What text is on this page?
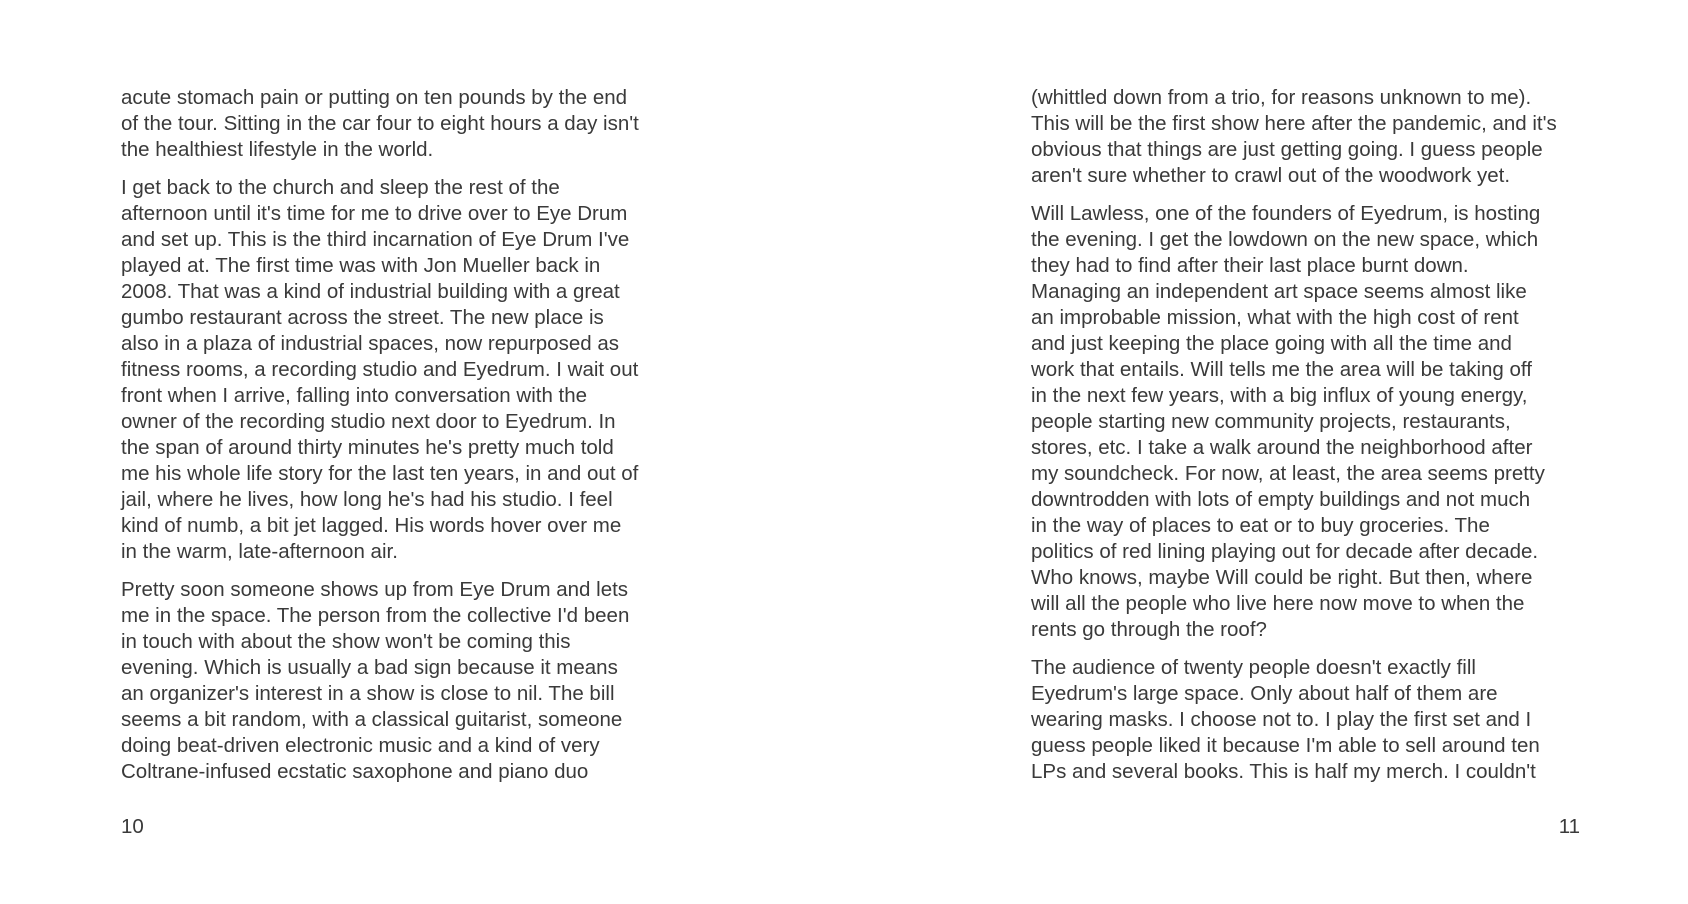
acute stomach pain or putting on ten pounds by the end
of the tour. Sitting in the car four to eight hours a day isn't
the healthiest lifestyle in the world.

I get back to the church and sleep the rest of the
afternoon until it's time for me to drive over to Eye Drum
and set up. This is the third incarnation of Eye Drum I've
played at. The first time was with Jon Mueller back in
2008. That was a kind of industrial building with a great
gumbo restaurant across the street. The new place is
also in a plaza of industrial spaces, now repurposed as
fitness rooms, a recording studio and Eyedrum. I wait out
front when I arrive, falling into conversation with the
owner of the recording studio next door to Eyedrum. In
the span of around thirty minutes he's pretty much told
me his whole life story for the last ten years, in and out of
jail, where he lives, how long he's had his studio. I feel
kind of numb, a bit jet lagged. His words hover over me
in the warm, late-afternoon air.

Pretty soon someone shows up from Eye Drum and lets
me in the space. The person from the collective I'd been
in touch with about the show won't be coming this
evening. Which is usually a bad sign because it means
an organizer's interest in a show is close to nil. The bill
seems a bit random, with a classical guitarist, someone
doing beat-driven electronic music and a kind of very
Coltrane-infused ecstatic saxophone and piano duo

10

(whittled down from a trio, for reasons unknown to me).
This will be the first show here after the pandemic, and it's
obvious that things are just getting going. I guess people
aren't sure whether to crawl out of the woodwork yet.

Will Lawless, one of the founders of Eyedrum, is hosting
the evening. I get the lowdown on the new space, which
they had to find after their last place burnt down.
Managing an independent art space seems almost like
an improbable mission, what with the high cost of rent
and just keeping the place going with all the time and
work that entails. Will tells me the area will be taking off
in the next few years, with a big influx of young energy,
people starting new community projects, restaurants,
stores, etc. I take a walk around the neighborhood after
my soundcheck. For now, at least, the area seems pretty
downtrodden with lots of empty buildings and not much
in the way of places to eat or to buy groceries. The
politics of red lining playing out for decade after decade.
Who knows, maybe Will could be right. But then, where
will all the people who live here now move to when the
rents go through the roof?

The audience of twenty people doesn't exactly fill
Eyedrum's large space. Only about half of them are
wearing masks. I choose not to. I play the first set and I
guess people liked it because I'm able to sell around ten
LPs and several books. This is half my merch. I couldn't

11
